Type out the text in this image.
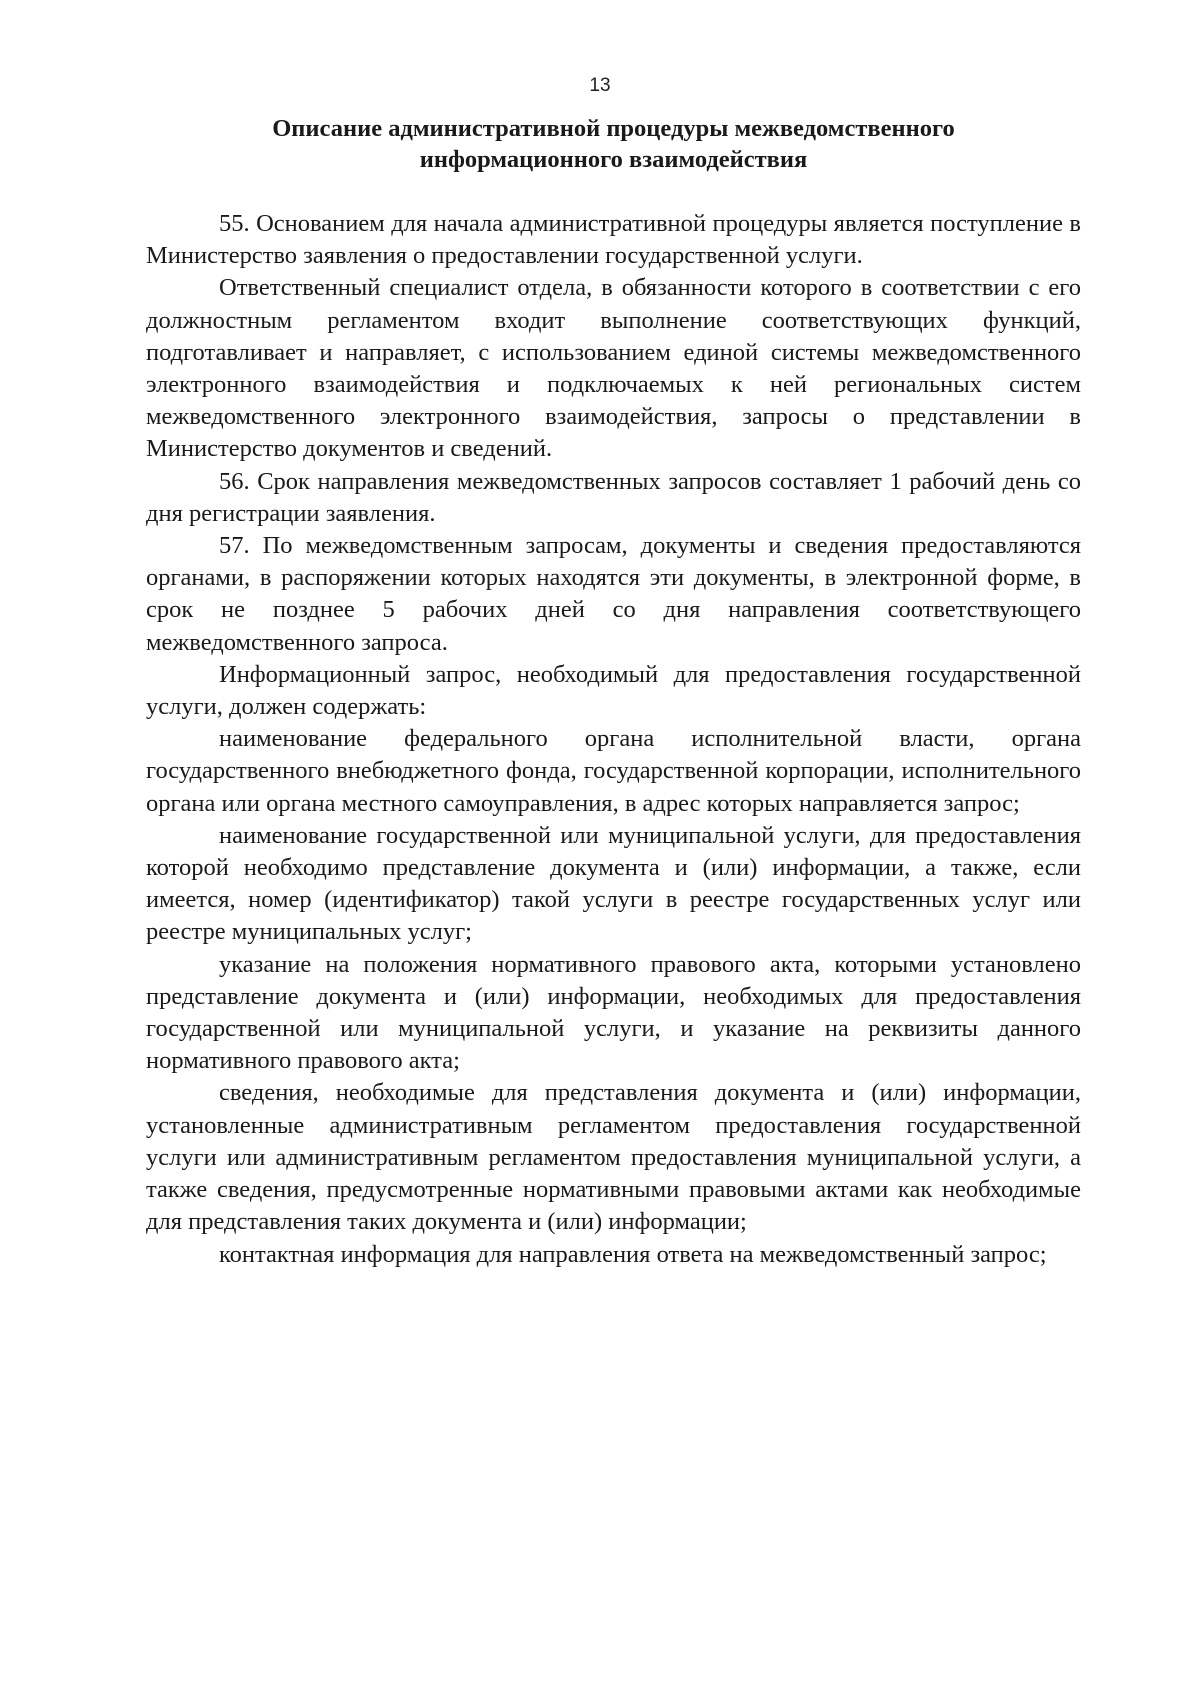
13
Описание административной процедуры межведомственного
информационного взаимодействия

55. Основанием для начала административной процедуры является поступление в Министерство заявления о предоставлении государственной услуги.

Ответственный специалист отдела, в обязанности которого в соответствии с его должностным регламентом входит выполнение соответствующих функций, подготавливает и направляет, с использованием единой системы межведомственного электронного взаимодействия и подключаемых к ней региональных систем межведомственного электронного взаимодействия, запросы о представлении в Министерство документов и сведений.

56. Срок направления межведомственных запросов составляет 1 рабочий день со дня регистрации заявления.

57. По межведомственным запросам, документы и сведения предоставляются органами, в распоряжении которых находятся эти документы, в электронной форме, в срок не позднее 5 рабочих дней со дня направления соответствующего межведомственного запроса.

Информационный запрос, необходимый для предоставления государственной услуги, должен содержать:

наименование федерального органа исполнительной власти, органа государственного внебюджетного фонда, государственной корпорации, исполнительного органа или органа местного самоуправления, в адрес которых направляется запрос;

наименование государственной или муниципальной услуги, для предоставления которой необходимо представление документа и (или) информации, а также, если имеется, номер (идентификатор) такой услуги в реестре государственных услуг или реестре муниципальных услуг;

указание на положения нормативного правового акта, которыми установлено представление документа и (или) информации, необходимых для предоставления государственной или муниципальной услуги, и указание на реквизиты данного нормативного правового акта;

сведения, необходимые для представления документа и (или) информации, установленные административным регламентом предоставления государственной услуги или административным регламентом предоставления муниципальной услуги, а также сведения, предусмотренные нормативными правовыми актами как необходимые для представления таких документа и (или) информации;

контактная информация для направления ответа на межведомственный запрос;
